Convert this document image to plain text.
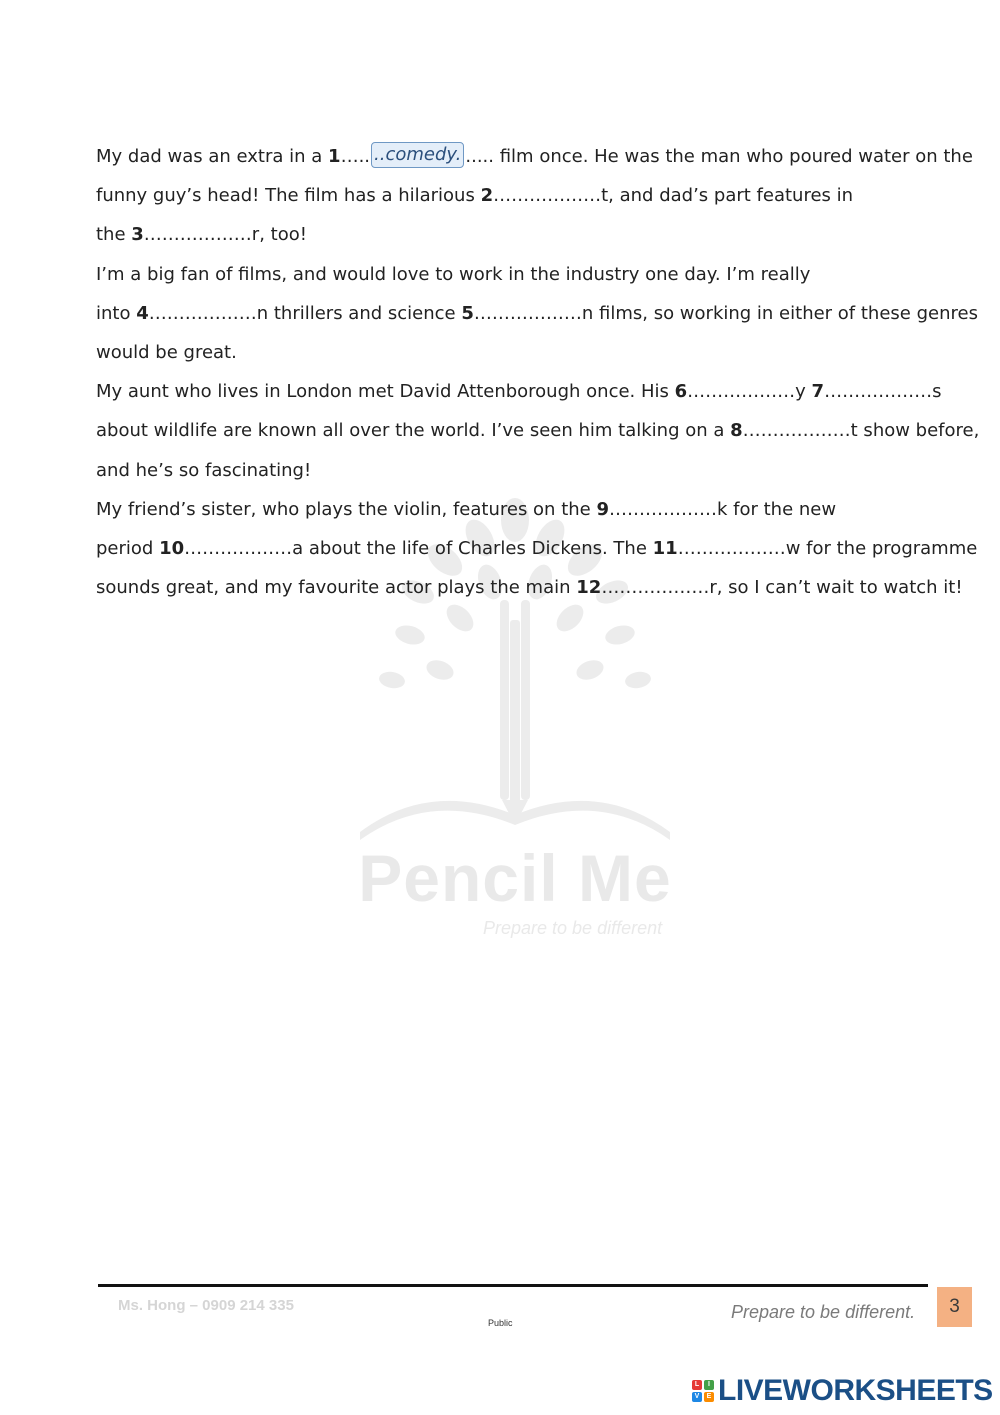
Pencil Me
Prepare to be different
My dad was an extra in a 1….. ..comedy. ..... film once. He was the man who poured water on the
funny guy’s head! The film has a hilarious 2………………t, and dad’s part features in
the 3………………r, too!
I’m a big fan of films, and would love to work in the industry one day. I’m really
into 4………………n thrillers and science 5………………n films, so working in either of these genres
would be great.
My aunt who lives in London met David Attenborough once. His 6………………y 7………………s
about wildlife are known all over the world. I’ve seen him talking on a 8………………t show before,
and he’s so fascinating!
My friend’s sister, who plays the violin, features on the 9………………k for the new
period 10………………a about the life of Charles Dickens. The 11………………w for the programme
sounds great, and my favourite actor plays the main 12………………r, so I can’t wait to watch it!
Ms. Hong – 0909 214 335
Public
Prepare to be different.	3
L	I
V	E LIVEWORKSHEETS
